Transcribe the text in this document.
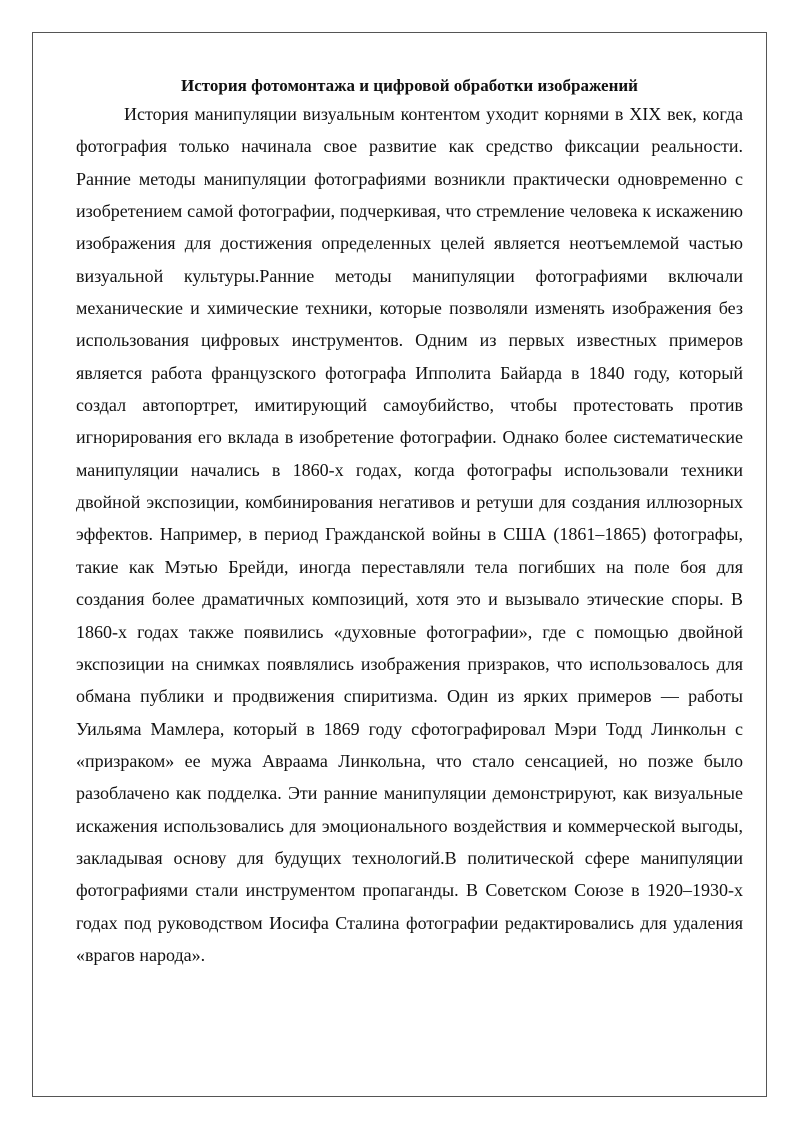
История фотомонтажа и цифровой обработки изображений

История манипуляции визуальным контентом уходит корнями в XIX век, когда фотография только начинала свое развитие как средство фиксации реальности. Ранние методы манипуляции фотографиями возникли практически одновременно с изобретением самой фотографии, подчеркивая, что стремление человека к искажению изображения для достижения определенных целей является неотъемлемой частью визуальной культуры.Ранние методы манипуляции фотографиями включали механические и химические техники, которые позволяли изменять изображения без использования цифровых инструментов. Одним из первых известных примеров является работа французского фотографа Ипполита Байарда в 1840 году, который создал автопортрет, имитирующий самоубийство, чтобы протестовать против игнорирования его вклада в изобретение фотографии. Однако более систематические манипуляции начались в 1860-х годах, когда фотографы использовали техники двойной экспозиции, комбинирования негативов и ретуши для создания иллюзорных эффектов. Например, в период Гражданской войны в США (1861–1865) фотографы, такие как Мэтью Брейди, иногда переставляли тела погибших на поле боя для создания более драматичных композиций, хотя это и вызывало этические споры. В 1860-х годах также появились «духовные фотографии», где с помощью двойной экспозиции на снимках появлялись изображения призраков, что использовалось для обмана публики и продвижения спиритизма. Один из ярких примеров — работы Уильяма Мамлера, который в 1869 году сфотографировал Мэри Тодд Линкольн с «призраком» ее мужа Авраама Линкольна, что стало сенсацией, но позже было разоблачено как подделка. Эти ранние манипуляции демонстрируют, как визуальные искажения использовались для эмоционального воздействия и коммерческой выгоды, закладывая основу для будущих технологий.В политической сфере манипуляции фотографиями стали инструментом пропаганды. В Советском Союзе в 1920–1930-х годах под руководством Иосифа Сталина фотографии редактировались для удаления «врагов народа».
